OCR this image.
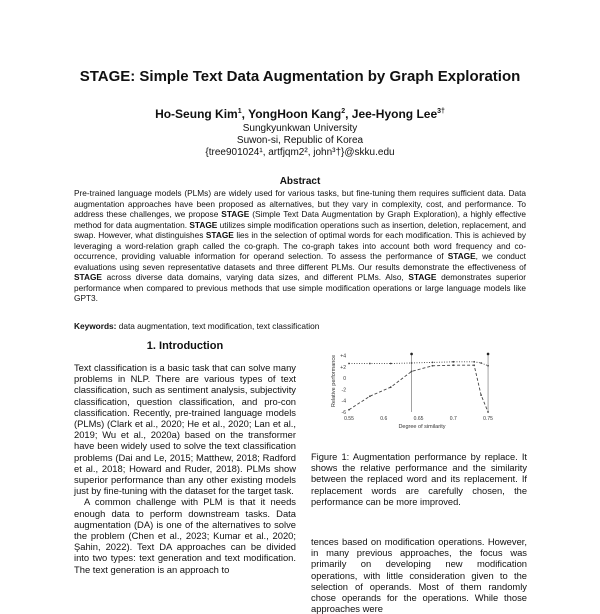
STAGE: Simple Text Data Augmentation by Graph Exploration
Ho-Seung Kim$^1$, YongHoon Kang$^2$, Jee-Hyong Lee$^{3\dagger}$
Sungkyunkwan University
Suwon-si, Republic of Korea
{tree901024¹, artfjqm2², john³†}@skku.edu
Abstract
Pre-trained language models (PLMs) are widely used for various tasks, but fine-tuning them requires sufficient data. Data augmentation approaches have been proposed as alternatives, but they vary in complexity, cost, and performance. To address these challenges, we propose STAGE (Simple Text Data Augmentation by Graph Exploration), a highly effective method for data augmentation. STAGE utilizes simple modification operations such as insertion, deletion, replacement, and swap. However, what distinguishes STAGE lies in the selection of optimal words for each modification. This is achieved by leveraging a word-relation graph called the co-graph. The co-graph takes into account both word frequency and co-occurrence, providing valuable information for operand selection. To assess the performance of STAGE, we conduct evaluations using seven representative datasets and three different PLMs. Our results demonstrate the effectiveness of STAGE across diverse data domains, varying data sizes, and different PLMs. Also, STAGE demonstrates superior performance when compared to previous methods that use simple modification operations or large language models like GPT3.
Keywords: data augmentation, text modification, text classification
1. Introduction

Text classification is a basic task that can solve many problems in NLP. There are various types of text classification, such as sentiment analysis, subjectivity classification, question classification, and pro-con classification. Recently, pre-trained language models (PLMs) (Clark et al., 2020; He et al., 2020; Lan et al., 2019; Wu et al., 2020a) based on the transformer have been widely used to solve the text classification problems (Dai and Le, 2015; Matthew, 2018; Radford et al., 2018; Howard and Ruder, 2018). PLMs show superior performance than any other existing models just by fine-tuning with the dataset for the target task.

A common challenge with PLM is that it needs enough data to perform downstream tasks. Data augmentation (DA) is one of the alternatives to solve the problem (Chen et al., 2023; Kumar et al., 2020; Şahin, 2022). Text DA approaches can be divided into two types: text generation and text modification. The text generation is an approach to

+4
+2
0
-2
-4
-6
0.55	0.6	0.65	0.7	0.75
Degree of similarity
Relative performance
Figure 1: Augmentation performance by replace. It shows the relative performance and the similarity between the replaced word and its replacement. If replacement words are carefully chosen, the performance can be more improved.
tences based on modification operations. However, in many previous approaches, the focus was primarily on developing new modification operations, with little consideration given to the selection of operands. Most of them randomly chose operands for the operations. While those approaches were
